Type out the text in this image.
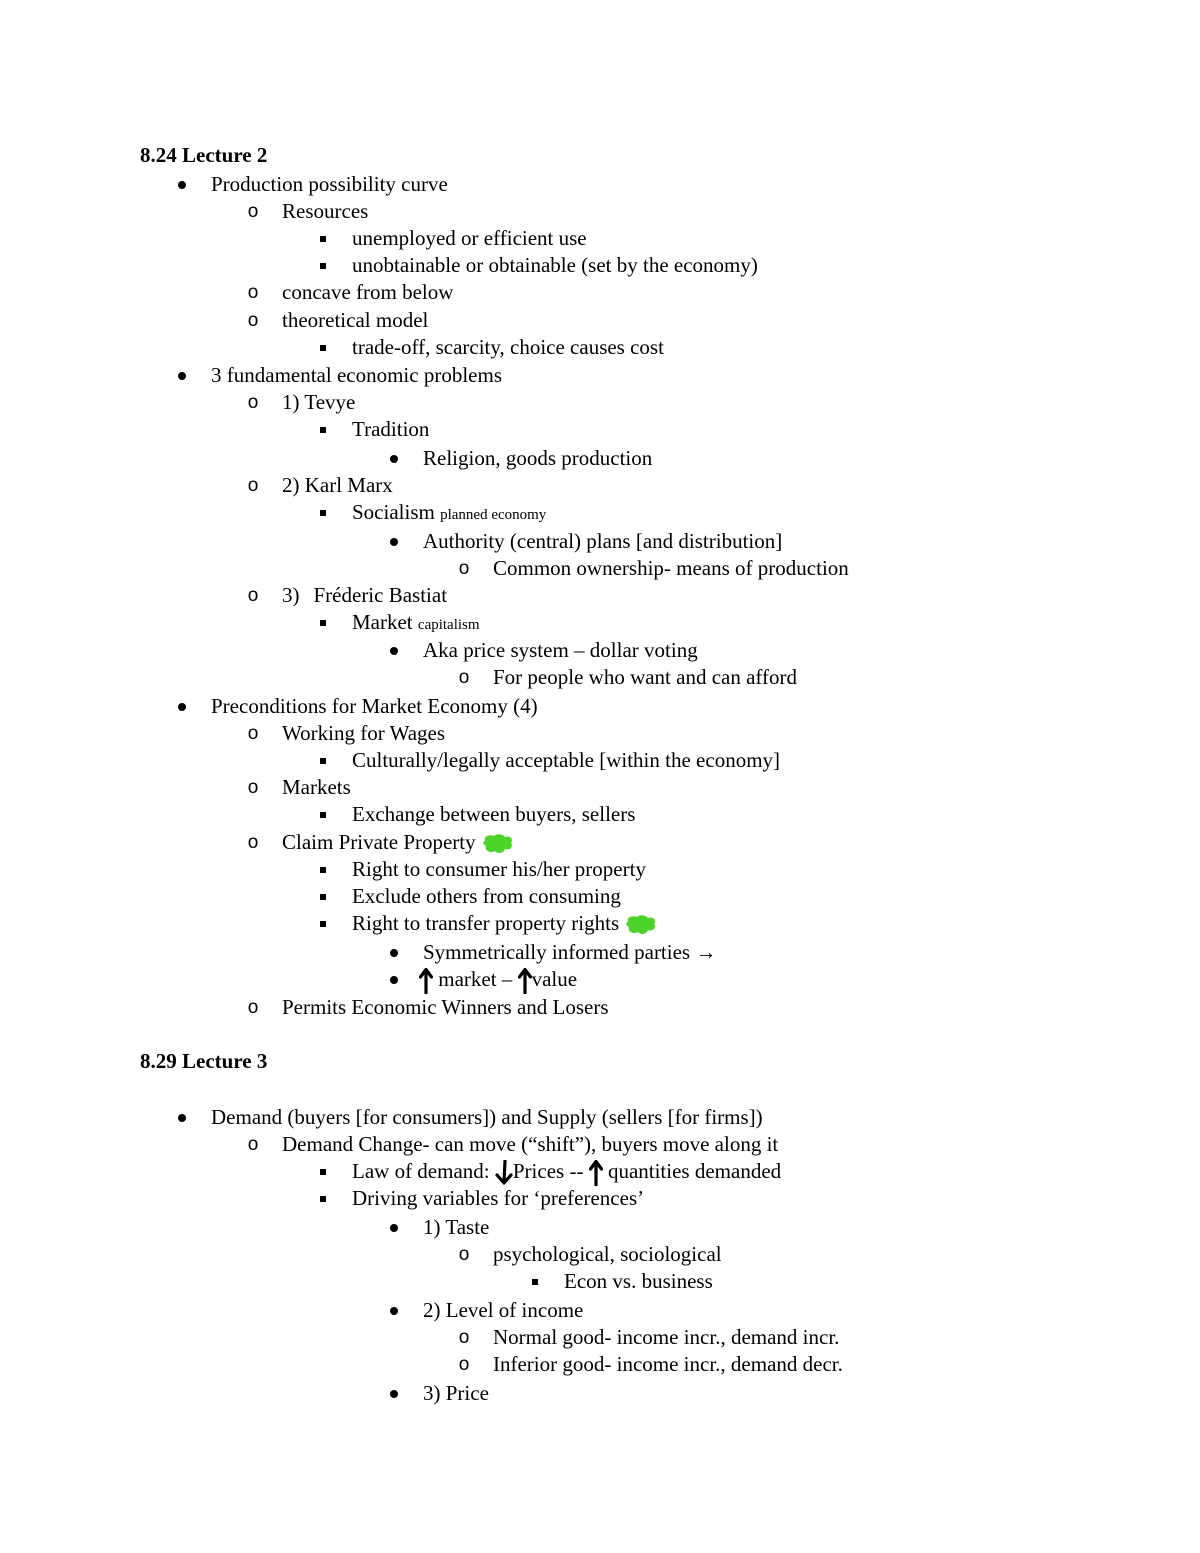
8.24 Lecture 2
Production possibility curve
o Resources
unemployed or efficient use
unobtainable or obtainable (set by the economy)
o concave from below
o theoretical model
trade-off, scarcity, choice causes cost
3 fundamental economic problems
o 1) Tevye
Tradition
Religion, goods production
o 2) Karl Marx
Socialism planned economy
Authority (central) plans [and distribution]
o Common ownership- means of production
o 3) Fréderic Bastiat
Market capitalism
Aka price system – dollar voting
o For people who want and can afford
Preconditions for Market Economy (4)
o Working for Wages
Culturally/legally acceptable [within the economy]
o Markets
Exchange between buyers, sellers
o Claim Private Property
Right to consumer his/her property
Exclude others from consuming
Right to transfer property rights
Symmetrically informed parties →
market – value
o Permits Economic Winners and Losers
8.29 Lecture 3
Demand (buyers [for consumers]) and Supply (sellers [for firms])
o Demand Change- can move (“shift”), buyers move along it
Law of demand: Prices -- quantities demanded
Driving variables for ‘preferences’
1) Taste
o psychological, sociological
Econ vs. business
2) Level of income
o Normal good- income incr., demand incr.
o Inferior good- income incr., demand decr.
3) Price
